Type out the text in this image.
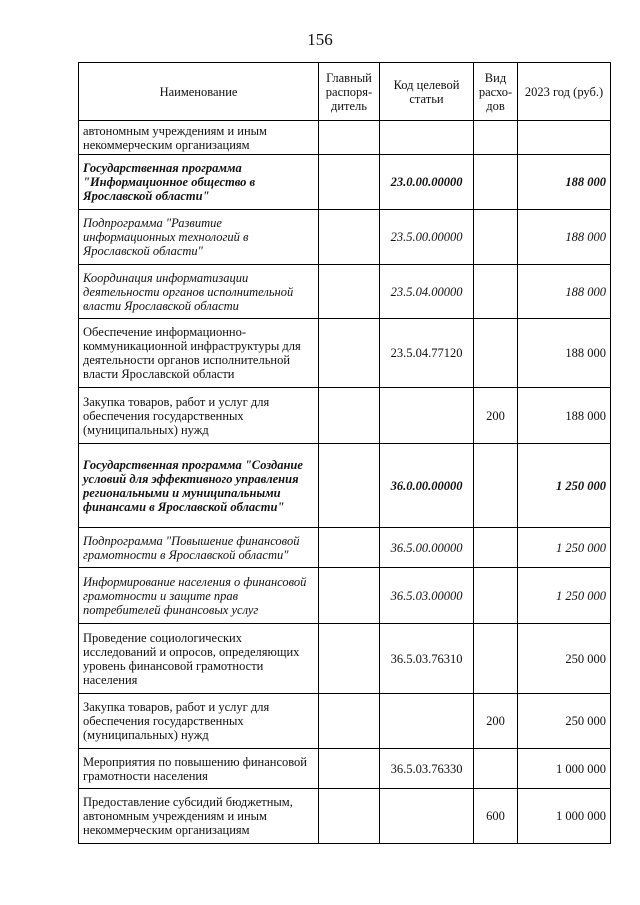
156
Наименование	Главный распоря-дитель	Код целевой статьи	Вид расхо-дов	2023 год (руб.)
автономным учреждениям и иным некоммерческим организациям				
Государственная программа "Информационное общество в Ярославской области"		23.0.00.00000		188 000
Подпрограмма "Развитие информационных технологий в Ярославской области"		23.5.00.00000		188 000
Координация информатизации деятельности органов исполнительной власти Ярославской области		23.5.04.00000		188 000
Обеспечение информационно-коммуникационной инфраструктуры для деятельности органов исполнительной власти Ярославской области		23.5.04.77120		188 000
Закупка товаров, работ и услуг для обеспечения государственных (муниципальных) нужд			200	188 000
Государственная программа "Создание условий для эффективного управления региональными и муниципальными финансами в Ярославской области"		36.0.00.00000		1 250 000
Подпрограмма "Повышение финансовой грамотности в Ярославской области"		36.5.00.00000		1 250 000
Информирование населения о финансовой грамотности и защите прав потребителей финансовых услуг		36.5.03.00000		1 250 000
Проведение социологических исследований и опросов, определяющих уровень финансовой грамотности населения		36.5.03.76310		250 000
Закупка товаров, работ и услуг для обеспечения государственных (муниципальных) нужд			200	250 000
Мероприятия по повышению финансовой грамотности населения		36.5.03.76330		1 000 000
Предоставление субсидий бюджетным, автономным учреждениям и иным некоммерческим организациям			600	1 000 000
